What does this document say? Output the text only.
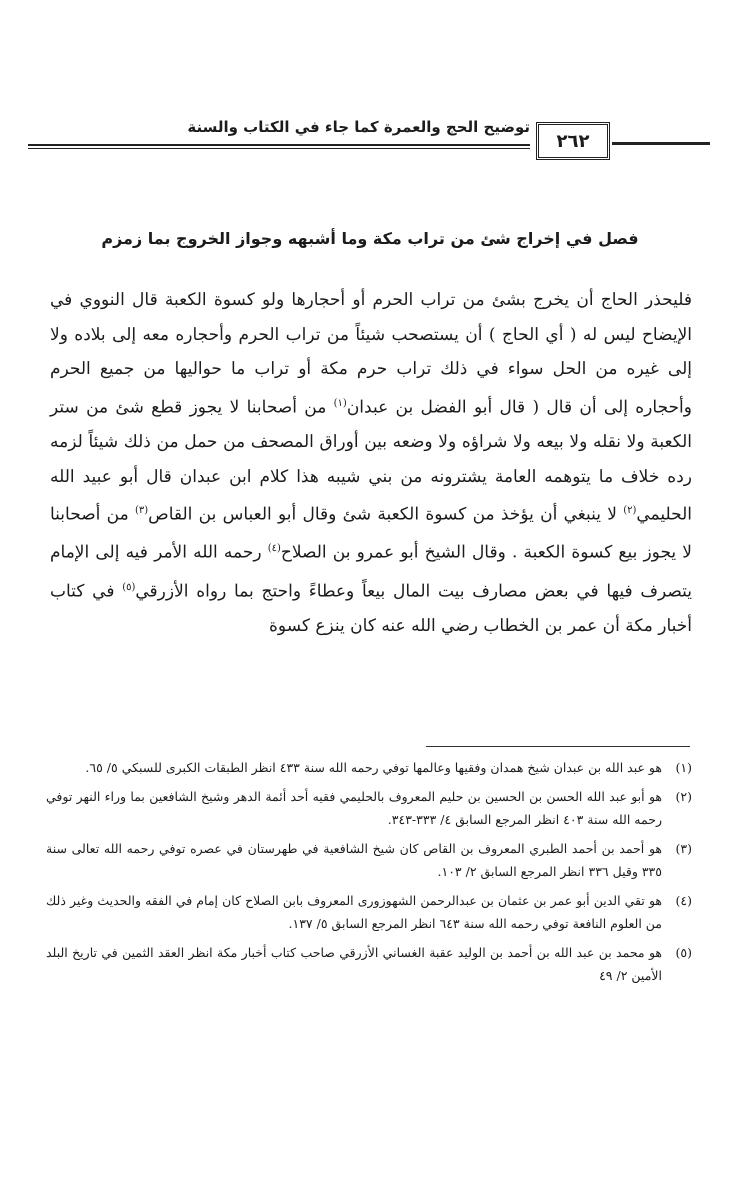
٢٦٢
توضيح الحج والعمرة كما جاء في الكتاب والسنة
فصل في إخراج شئ من تراب مكة وما أشبهه وجواز الخروج بما زمزم
فليحذر الحاج أن يخرج بشئ من تراب الحرم أو أحجارها ولو كسوة الكعبة قال النووي في الإيضاح ليس له ( أي الحاج ) أن يستصحب شيئاً من تراب الحرم وأحجاره معه إلى بلاده ولا إلى غيره من الحل سواء في ذلك تراب حرم مكة أو تراب ما حواليها من جميع الحرم وأحجاره إلى أن قال ( قال أبو الفضل بن عبدان$^{(١)}$ من أصحابنا لا يجوز قطع شئ من ستر الكعبة ولا نقله ولا بيعه ولا شراؤه ولا وضعه بين أوراق المصحف من حمل من ذلك شيئاً لزمه رده خلاف ما يتوهمه العامة يشترونه من بني شيبه هذا كلام ابن عبدان قال أبو عبيد الله الحليمي$^{(٢)}$ لا ينبغي أن يؤخذ من كسوة الكعبة شئ وقال أبو العباس بن القاص$^{(٣)}$ من أصحابنا لا يجوز بيع كسوة الكعبة . وقال الشيخ أبو عمرو بن الصلاح$^{(٤)}$ رحمه الله الأمر فيه إلى الإمام يتصرف فيها في بعض مصارف بيت المال بيعاً وعطاءً واحتج بما رواه الأزرقي$^{(٥)}$ في كتاب أخبار مكة أن عمر بن الخطاب رضي الله عنه كان ينزع كسوة
(١)
هو عبد الله بن عبدان شيخ همدان وفقيها وعالمها توفي رحمه الله سنة ٤٣٣ انظر الطبقات الكبرى للسبكي ٥/ ٦٥.
(٢)
هو أبو عبد الله الحسن بن الحسين بن حليم المعروف بالحليمي فقيه أحد أئمة الدهر وشيخ الشافعين بما وراء النهر توفي رحمه الله سنة ٤٠٣ انظر المرجع السابق ٤/ ٣٣٣-٣٤٣.
(٣)
هو أحمد بن أحمد الطبري المعروف بن القاص كان شيخ الشافعية في طهرستان في عصره توفي رحمه الله تعالى سنة ٣٣٥ وقيل ٣٣٦ انظر المرجع السابق ٢/ ١٠٣.
(٤)
هو تقي الدين أبو عمر بن عثمان بن عبدالرحمن الشهوزورى المعروف بابن الصلاح كان إمام في الفقه والحديث وغير ذلك من العلوم النافعة توفي رحمه الله سنة ٦٤٣ انظر المرجع السابق ٥/ ١٣٧.
(٥)
هو محمد بن عبد الله بن أحمد بن الوليد عقبة الغساني الأزرقي صاحب كتاب أخبار مكة انظر العقد الثمين في تاريخ البلد الأمين ٢/ ٤٩
